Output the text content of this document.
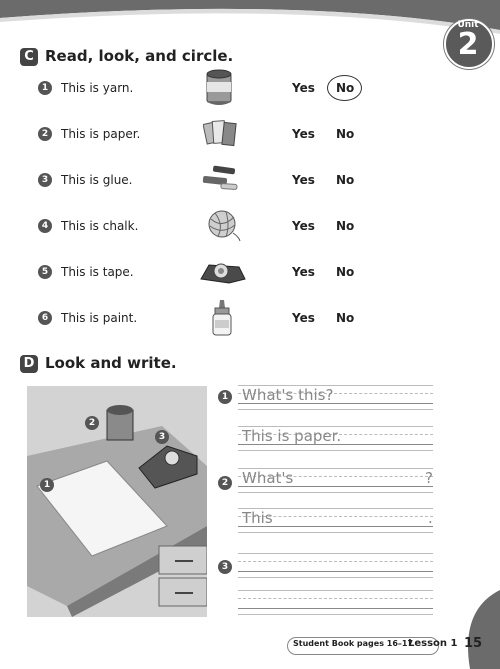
Unit
2
C Read, look, and circle.
1	This is yarn.	Yes No
2	This is paper.	Yes No
3	This is glue.	Yes No
4	This is chalk.	Yes No
5	This is tape.	Yes No
6	This is paint.	Yes No
D Look and write.
1
2
3
1 What's this?
This is paper.
2 What's	?
This	.
3
Student Book pages 16–17
Lesson 1 15
